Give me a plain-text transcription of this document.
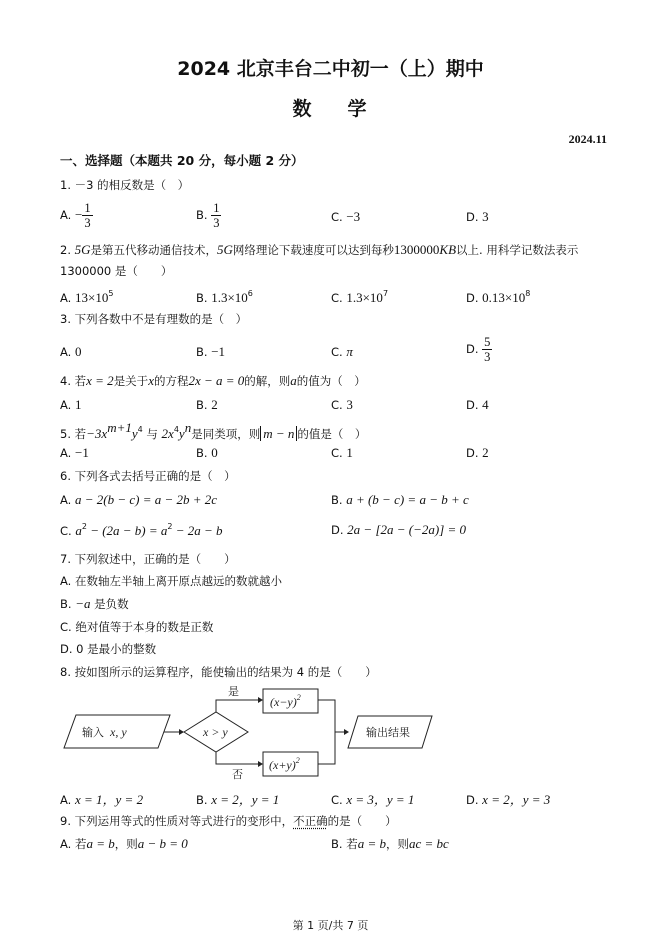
2024 北京丰台二中初一（上）期中
数 学
2024.11
一、选择题（本题共 20 分，每小题 2 分）
1. －3 的相反数是（　）
A. − $\frac{1}{3}$	B. $\frac{1}{3}$	C. −3	D. 3
2. 5G是第五代移动通信技术，5G网络理论下载速度可以达到每秒1300000KB以上. 用科学记数法表示
1300000 是（　　）
A. $13\times 10^5$	B. $1.3\times 10^6$	C. $1.3\times 10^7$	D. $0.13\times 10^8$
3. 下列各数中不是有理数的是（　）
A. 0	B. −1	C. π	D. $\frac{5}{3}$
4. 若x = 2是关于x的方程2x − a = 0的解，则a的值为（　）
A. 1	B. 2	C. 3	D. 4
5. 若$-3x^{m+1}y^4$ 与 $2x^4y^n$是同类项，则 m − n 的值是（　）
A. −1	B. 0	C. 1	D. 2
6. 下列各式去括号正确的是（　）
A. a − 2(b − c) = a − 2b + 2c	B. a + (b − c) = a − b + c
C. $a^2 - (2a - b) = a^2 - 2a - b$	D. 2a − [2a − (−2a)] = 0
7. 下列叙述中，正确的是（　　）
A. 在数轴左半轴上离开原点越远的数就越小
B. −a 是负数
C. 绝对值等于本身的数是正数
D. 0 是最小的整数
8. 按如图所示的运算程序，能使输出的结果为 4 的是（　　）
输入 x, y	x > y
是
$(x-y)^2$
否
$(x+y)^2$
输出结果
A. x = 1，y = 2	B. x = 2，y = 1	C. x = 3，y = 1	D. x = 2，y = 3
9. 下列运用等式的性质对等式进行的变形中，不正确的是（　　）
A. 若a = b，则a − b = 0	B. 若a = b，则ac = bc
第 1 页/共 7 页
